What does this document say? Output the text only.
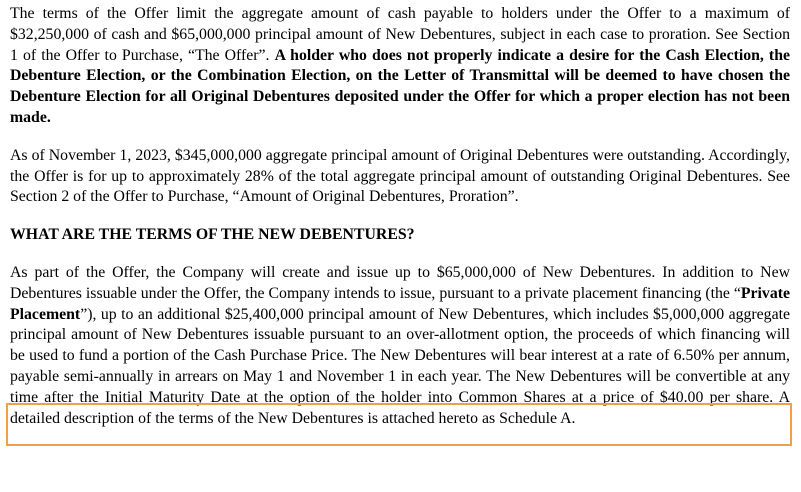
The terms of the Offer limit the aggregate amount of cash payable to holders under the Offer to a maximum of $32,250,000 of cash and $65,000,000 principal amount of New Debentures, subject in each case to proration. See Section 1 of the Offer to Purchase, “The Offer”. A holder who does not properly indicate a desire for the Cash Election, the Debenture Election, or the Combination Election, on the Letter of Transmittal will be deemed to have chosen the Debenture Election for all Original Debentures deposited under the Offer for which a proper election has not been made.

As of November 1, 2023, $345,000,000 aggregate principal amount of Original Debentures were outstanding. Accordingly, the Offer is for up to approximately 28% of the total aggregate principal amount of outstanding Original Debentures. See Section 2 of the Offer to Purchase, “Amount of Original Debentures, Proration”.

WHAT ARE THE TERMS OF THE NEW DEBENTURES?

As part of the Offer, the Company will create and issue up to $65,000,000 of New Debentures. In addition to New Debentures issuable under the Offer, the Company intends to issue, pursuant to a private placement financing (the “Private Placement”), up to an additional $25,400,000 principal amount of New Debentures, which includes $5,000,000 aggregate principal amount of New Debentures issuable pursuant to an over-allotment option, the proceeds of which financing will be used to fund a portion of the Cash Purchase Price. The New Debentures will bear interest at a rate of 6.50% per annum, payable semi-annually in arrears on May 1 and November 1 in each year. The New Debentures will be convertible at any time after the Initial Maturity Date at the option of the holder into Common Shares at a price of $40.00 per share. A detailed description of the terms of the New Debentures is attached hereto as Schedule A.
